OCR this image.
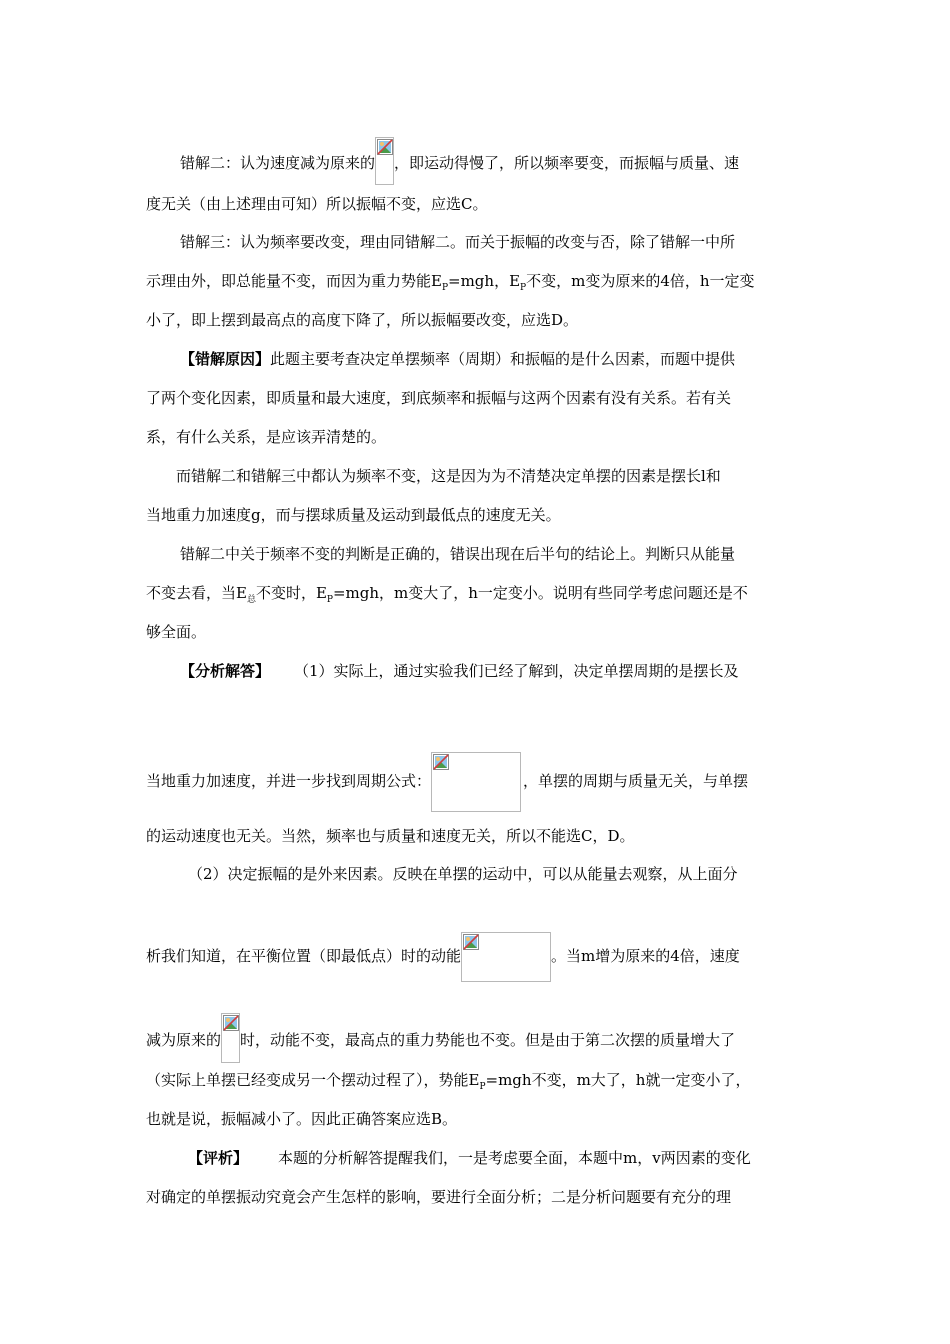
错解二：认为速度减为原来的 ，即运动得慢了，所以频率要变，而振幅与质量、速
度无关（由上述理由可知）所以振幅不变，应选C。
错解三：认为频率要改变，理由同错解二。而关于振幅的改变与否，除了错解一中所
示理由外，即总能量不变，而因为重力势能$E_P=mgh$，$E_P$不变，m变为原来的4倍，h一定变
小了，即上摆到最高点的高度下降了，所以振幅要改变，应选D。
【错解原因】此题主要考查决定单摆频率（周期）和振幅的是什么因素，而题中提供
了两个变化因素，即质量和最大速度，到底频率和振幅与这两个因素有没有关系。若有关
系，有什么关系，是应该弄清楚的。
而错解二和错解三中都认为频率不变，这是因为为不清楚决定单摆的因素是摆长l和
当地重力加速度g，而与摆球质量及运动到最低点的速度无关。
错解二中关于频率不变的判断是正确的，错误出现在后半句的结论上。判断只从能量
不变去看，当$E_总$不变时，$E_P=mgh$，m变大了，h一定变小。说明有些同学考虑问题还是不
够全面。
【分析解答】 （1）实际上，通过实验我们已经了解到，决定单摆周期的是摆长及
当地重力加速度，并进一步找到周期公式：	，单摆的周期与质量无关，与单摆
的运动速度也无关。当然，频率也与质量和速度无关，所以不能选C，D。
（2）决定振幅的是外来因素。反映在单摆的运动中，可以从能量去观察，从上面分
析我们知道，在平衡位置（即最低点）时的动能	。当m增为原来的4倍，速度
减为原来的 时，动能不变，最高点的重力势能也不变。但是由于第二次摆的质量增大了
（实际上单摆已经变成另一个摆动过程了），势能$E_P=mgh$不变，m大了，h就一定变小了，
也就是说，振幅减小了。因此正确答案应选B。
【评析】 本题的分析解答提醒我们，一是考虑要全面，本题中m，v两因素的变化
对确定的单摆振动究竟会产生怎样的影响，要进行全面分析；二是分析问题要有充分的理
